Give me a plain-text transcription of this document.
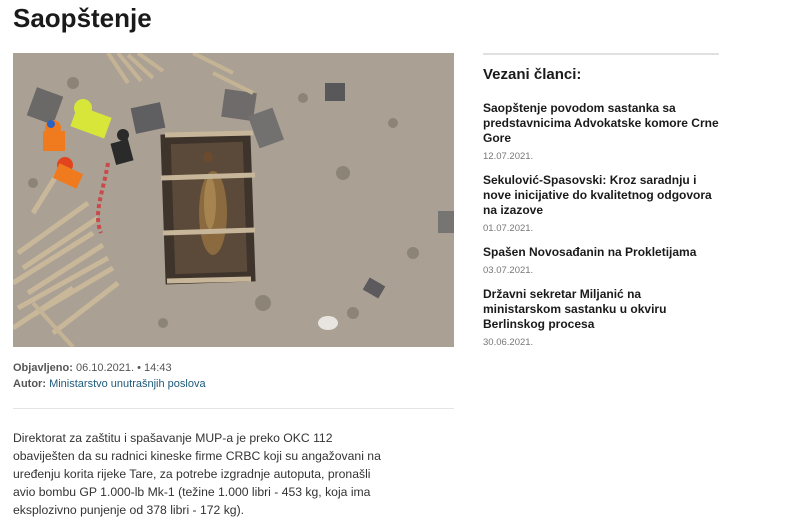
Saopštenje
Objavljeno: 06.10.2021. • 14:43
Autor: Ministarstvo unutrašnjih poslova

Direktorat za zaštitu i spašavanje MUP-a je preko OKC 112 obaviješten da su radnici kineske firme CRBC koji su angažovani na uređenju korita rijeke Tare, za potrebe izgradnje autoputa, pronašli avio bombu GP 1.000-lb Mk-1 (težine 1.000 libri - 453 kg, koja ima eksplozivno punjenje od 378 libri - 172 kg).

Vezani članci:
Saopštenje povodom sastanka sa predstavnicima Advokatske komore Crne Gore
12.07.2021.
Sekulović-Spasovski: Kroz saradnju i nove inicijative do kvalitetnog odgovora na izazove
01.07.2021.
Spašen Novosađanin na Prokletijama
03.07.2021.
Državni sekretar Miljanić na ministarskom sastanku u okviru Berlinskog procesa
30.06.2021.
